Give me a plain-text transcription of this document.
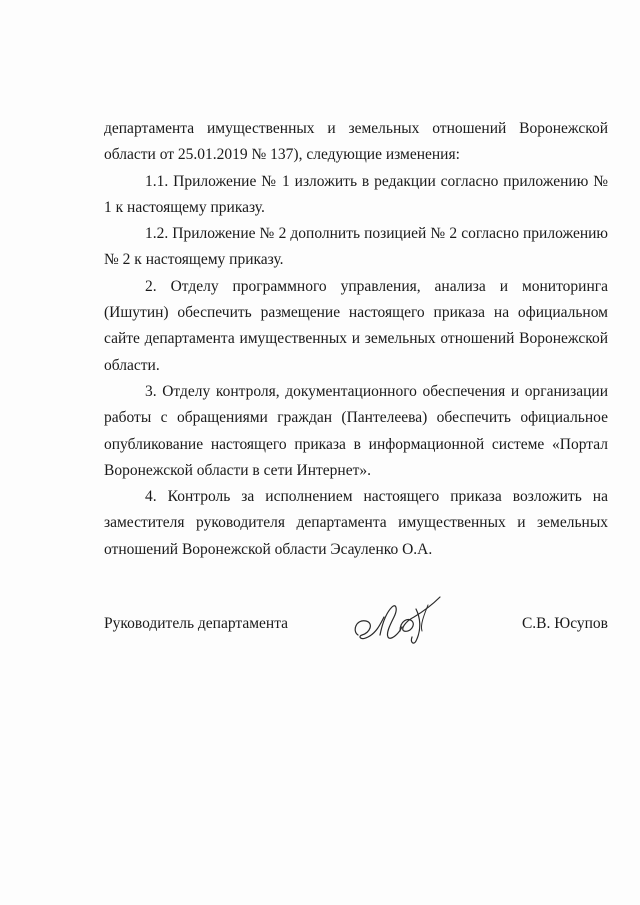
департамента имущественных и земельных отношений Воронежской области от 25.01.2019 № 137), следующие изменения:

1.1. Приложение № 1 изложить в редакции согласно приложению № 1 к настоящему приказу.

1.2. Приложение № 2 дополнить позицией № 2 согласно приложению № 2 к настоящему приказу.

2. Отделу программного управления, анализа и мониторинга (Ишутин) обеспечить размещение настоящего приказа на официальном сайте департамента имущественных и земельных отношений Воронежской области.

3. Отделу контроля, документационного обеспечения и организации работы с обращениями граждан (Пантелеева) обеспечить официальное опубликование настоящего приказа в информационной системе «Портал Воронежской области в сети Интернет».

4. Контроль за исполнением настоящего приказа возложить на заместителя руководителя департамента имущественных и земельных отношений Воронежской области Эсауленко О.А.

Руководитель департамента	С.В. Юсупов
